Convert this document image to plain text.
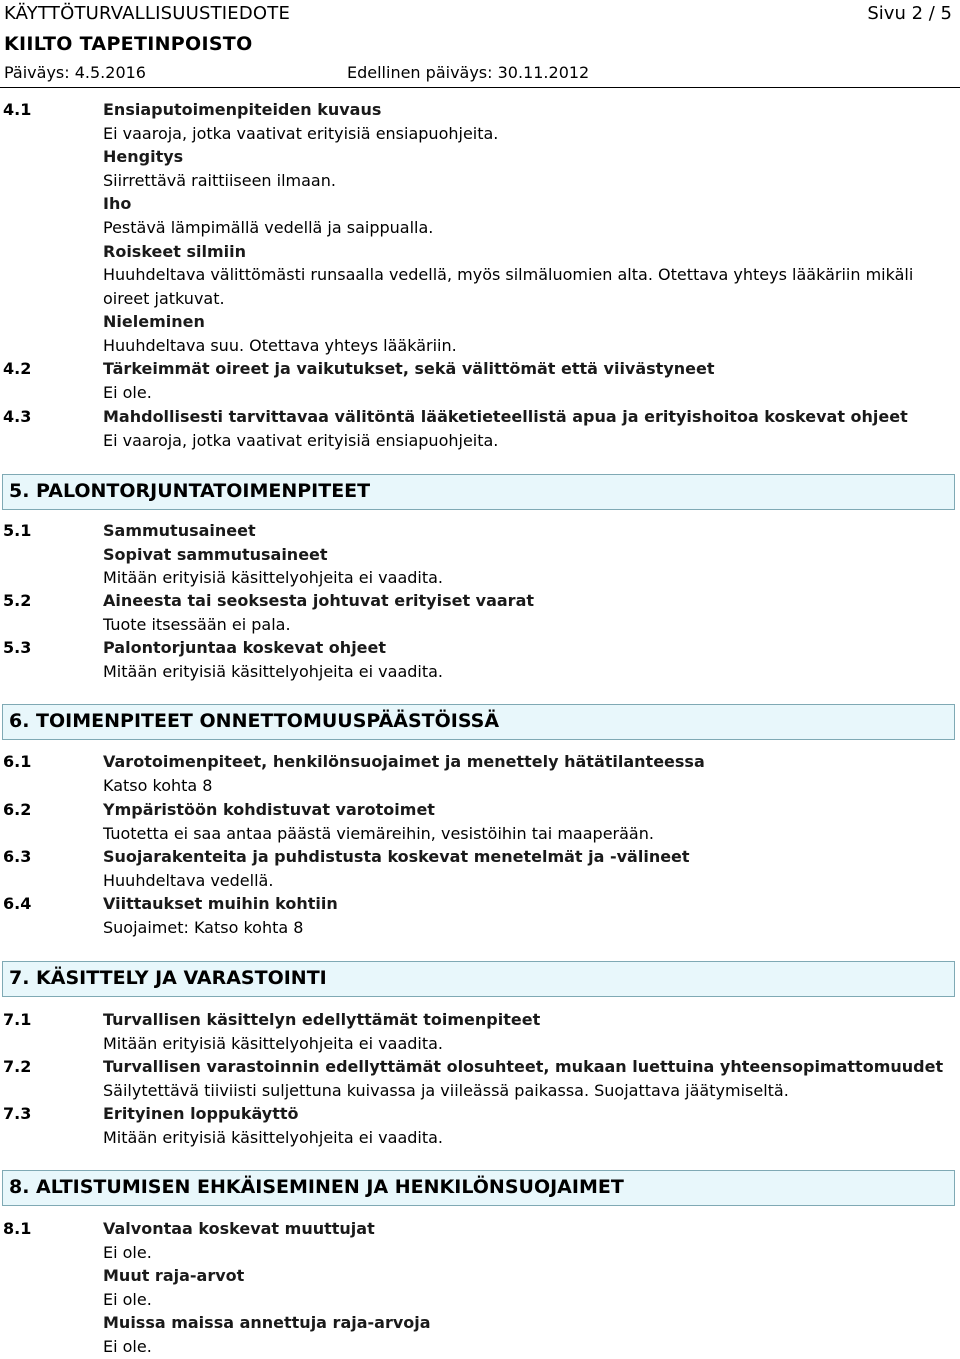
KÄYTTÖTURVALLISUUSTIEDOTE	Sivu 2 / 5
KIILTO TAPETINPOISTO
Päiväys: 4.5.2016	Edellinen päiväys: 30.11.2012
4.1	Ensiaputoimenpiteiden kuvaus
Ei vaaroja, jotka vaativat erityisiä ensiapuohjeita.
Hengitys
Siirrettävä raittiiseen ilmaan.
Iho
Pestävä lämpimällä vedellä ja saippualla.
Roiskeet silmiin
Huuhdeltava välittömästi runsaalla vedellä, myös silmäluomien alta. Otettava yhteys lääkäriin mikäli oireet jatkuvat.
Nieleminen
Huuhdeltava suu. Otettava yhteys lääkäriin.
4.2	Tärkeimmät oireet ja vaikutukset, sekä välittömät että viivästyneet
Ei ole.
4.3	Mahdollisesti tarvittavaa välitöntä lääketieteellistä apua ja erityishoitoa koskevat ohjeet
Ei vaaroja, jotka vaativat erityisiä ensiapuohjeita.
5. PALONTORJUNTATOIMENPITEET
5.1	Sammutusaineet
Sopivat sammutusaineet
Mitään erityisiä käsittelyohjeita ei vaadita.
5.2	Aineesta tai seoksesta johtuvat erityiset vaarat
Tuote itsessään ei pala.
5.3	Palontorjuntaa koskevat ohjeet
Mitään erityisiä käsittelyohjeita ei vaadita.
6. TOIMENPITEET ONNETTOMUUSPÄÄSTÖISSÄ
6.1	Varotoimenpiteet, henkilönsuojaimet ja menettely hätätilanteessa
Katso kohta 8
6.2	Ympäristöön kohdistuvat varotoimet
Tuotetta ei saa antaa päästä viemäreihin, vesistöihin tai maaperään.
6.3	Suojarakenteita ja puhdistusta koskevat menetelmät ja -välineet
Huuhdeltava vedellä.
6.4	Viittaukset muihin kohtiin
Suojaimet: Katso kohta 8
7. KÄSITTELY JA VARASTOINTI
7.1	Turvallisen käsittelyn edellyttämät toimenpiteet
Mitään erityisiä käsittelyohjeita ei vaadita.
7.2	Turvallisen varastoinnin edellyttämät olosuhteet, mukaan luettuina yhteensopimattomuudet
Säilytettävä tiiviisti suljettuna kuivassa ja viileässä paikassa. Suojattava jäätymiseltä.
7.3	Erityinen loppukäyttö
Mitään erityisiä käsittelyohjeita ei vaadita.
8. ALTISTUMISEN EHKÄISEMINEN JA HENKILÖNSUOJAIMET
8.1	Valvontaa koskevat muuttujat
Ei ole.
Muut raja-arvot
Ei ole.
Muissa maissa annettuja raja-arvoja
Ei ole.
